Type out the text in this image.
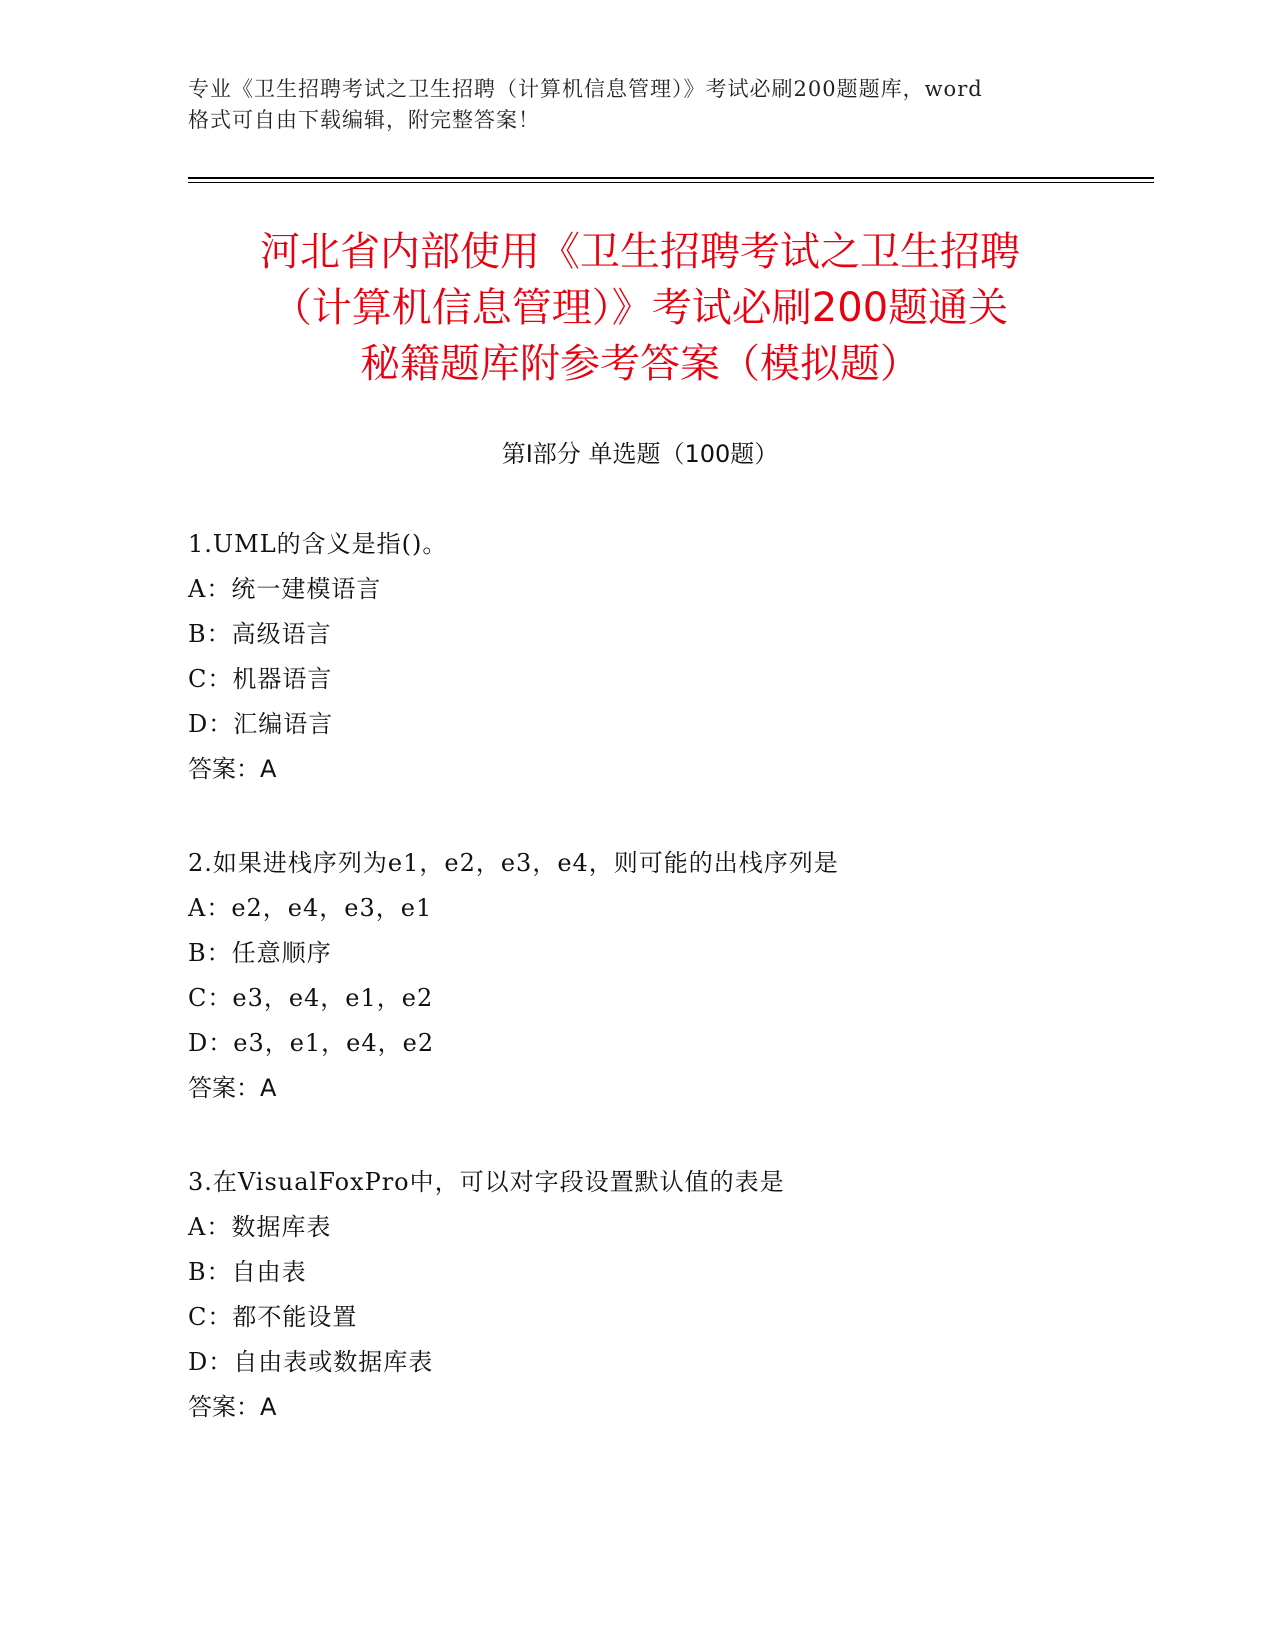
专业《卫生招聘考试之卫生招聘（计算机信息管理）》考试必刷200题题库，word
格式可自由下载编辑，附完整答案！
河北省内部使用《卫生招聘考试之卫生招聘
（计算机信息管理）》考试必刷200题通关
秘籍题库附参考答案（模拟题）
第Ⅰ部分 单选题（100题）
1.UML的含义是指()。
A：统一建模语言
B：高级语言
C：机器语言
D：汇编语言
答案：A
2.如果进栈序列为e1，e2，e3，e4，则可能的出栈序列是
A：e2，e4，e3，e1
B：任意顺序
C：e3，e4，e1，e2
D：e3，e1，e4，e2
答案：A
3.在VisualFoxPro中，可以对字段设置默认值的表是
A：数据库表
B：自由表
C：都不能设置
D：自由表或数据库表
答案：A
